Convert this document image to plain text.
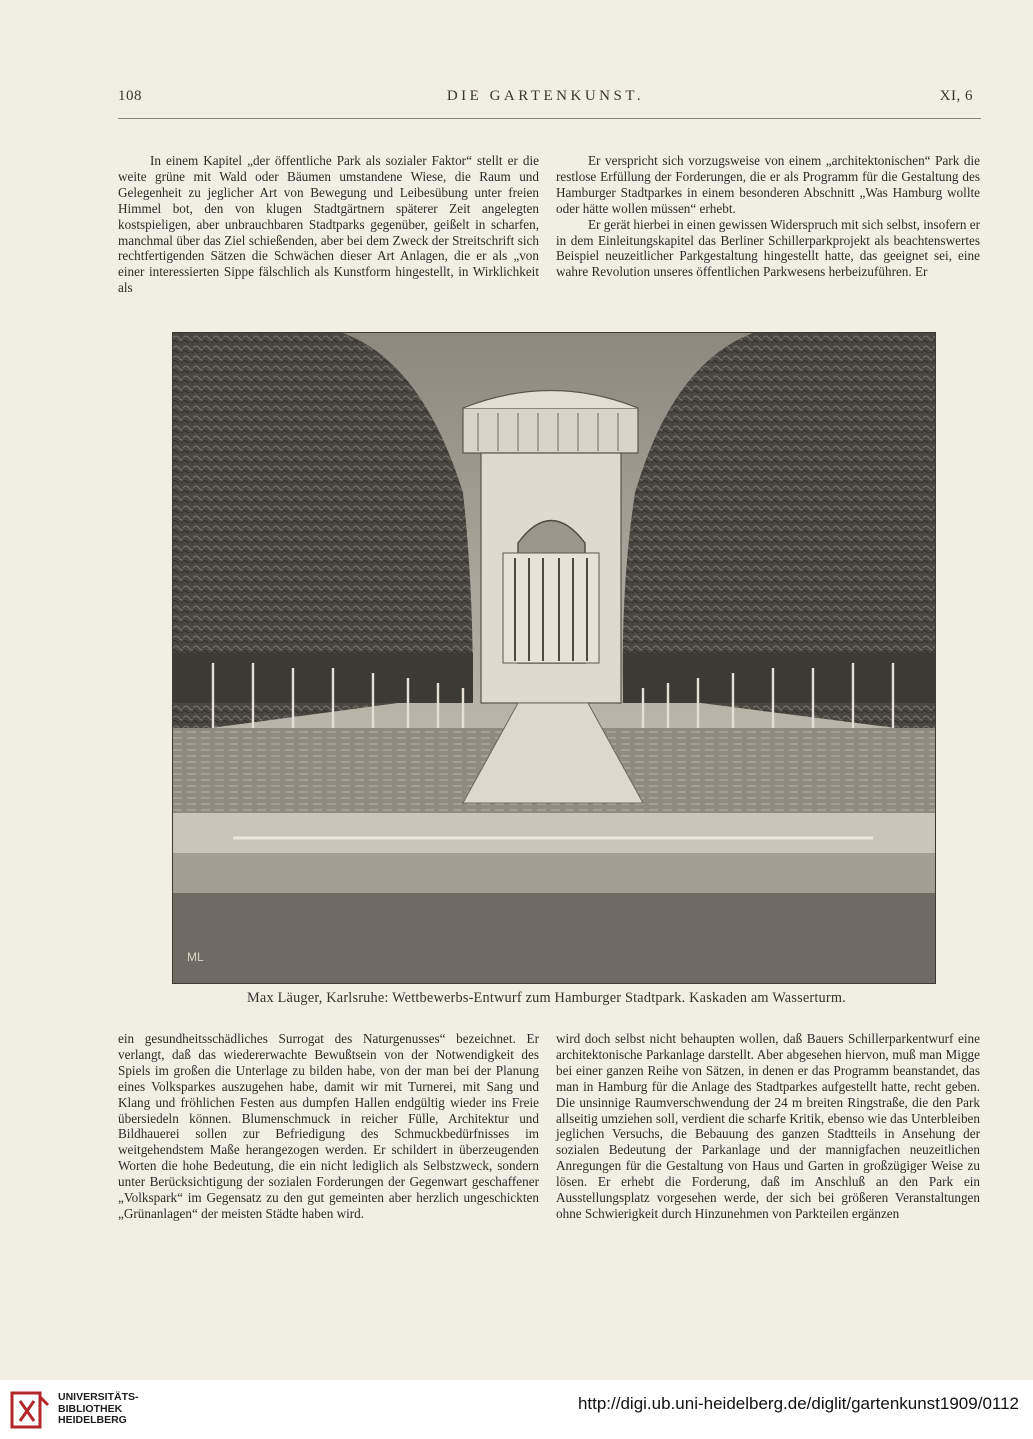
108	DIE GARTENKUNST.	XI, 6

In einem Kapitel „der öffentliche Park als sozialer Faktor“ stellt er die weite grüne mit Wald oder Bäumen umstandene Wiese, die Raum und Gelegenheit zu jeglicher Art von Bewegung und Leibesübung unter freien Himmel bot, den von klugen Stadtgärtnern späterer Zeit angelegten kostspieligen, aber unbrauchbaren Stadtparks gegenüber, geißelt in scharfen, manchmal über das Ziel schießenden, aber bei dem Zweck der Streitschrift sich rechtfertigenden Sätzen die Schwächen dieser Art Anlagen, die er als „von einer interessierten Sippe fälschlich als Kunstform hingestellt, in Wirklichkeit als

Er verspricht sich vorzugsweise von einem „architektonischen“ Park die restlose Erfüllung der Forderungen, die er als Programm für die Gestaltung des Hamburger Stadtparkes in einem besonderen Abschnitt „Was Hamburg wollte oder hätte wollen müssen“ erhebt.

Er gerät hierbei in einen gewissen Widerspruch mit sich selbst, insofern er in dem Einleitungskapitel das Berliner Schillerparkprojekt als beachtenswertes Beispiel neuzeitlicher Parkgestaltung hingestellt hatte, das geeignet sei, eine wahre Revolution unseres öffentlichen Parkwesens herbeizuführen. Er

ML
Max Läuger, Karlsruhe: Wettbewerbs-Entwurf zum Hamburger Stadtpark. Kaskaden am Wasserturm.

ein gesundheitsschädliches Surrogat des Naturgenusses“ bezeichnet. Er verlangt, daß das wiedererwachte Bewußtsein von der Notwendigkeit des Spiels im großen die Unterlage zu bilden habe, von der man bei der Planung eines Volksparkes auszugehen habe, damit wir mit Turnerei, mit Sang und Klang und fröhlichen Festen aus dumpfen Hallen endgültig wieder ins Freie übersiedeln können. Blumenschmuck in reicher Fülle, Architektur und Bildhauerei sollen zur Befriedigung des Schmuckbedürfnisses im weitgehendstem Maße herangezogen werden. Er schildert in überzeugenden Worten die hohe Bedeutung, die ein nicht lediglich als Selbstzweck, sondern unter Berücksichtigung der sozialen Forderungen der Gegenwart geschaffener „Volkspark“ im Gegensatz zu den gut gemeinten aber herzlich ungeschickten „Grünanlagen“ der meisten Städte haben wird.

wird doch selbst nicht behaupten wollen, daß Bauers Schillerparkentwurf eine architektonische Parkanlage darstellt. Aber abgesehen hiervon, muß man Migge bei einer ganzen Reihe von Sätzen, in denen er das Programm beanstandet, das man in Hamburg für die Anlage des Stadtparkes aufgestellt hatte, recht geben. Die unsinnige Raumverschwendung der 24 m breiten Ringstraße, die den Park allseitig umziehen soll, verdient die scharfe Kritik, ebenso wie das Unterbleiben jeglichen Versuchs, die Bebauung des ganzen Stadtteils in Ansehung der sozialen Bedeutung der Parkanlage und der mannigfachen neuzeitlichen Anregungen für die Gestaltung von Haus und Garten in großzügiger Weise zu lösen. Er erhebt die Forderung, daß im Anschluß an den Park ein Ausstellungsplatz vorgesehen werde, der sich bei größeren Veranstaltungen ohne Schwierigkeit durch Hinzunehmen von Parkteilen ergänzen

UNIVERSITÄTS-
BIBLIOTHEK
HEIDELBERG
http://digi.ub.uni-heidelberg.de/diglit/gartenkunst1909/0112
